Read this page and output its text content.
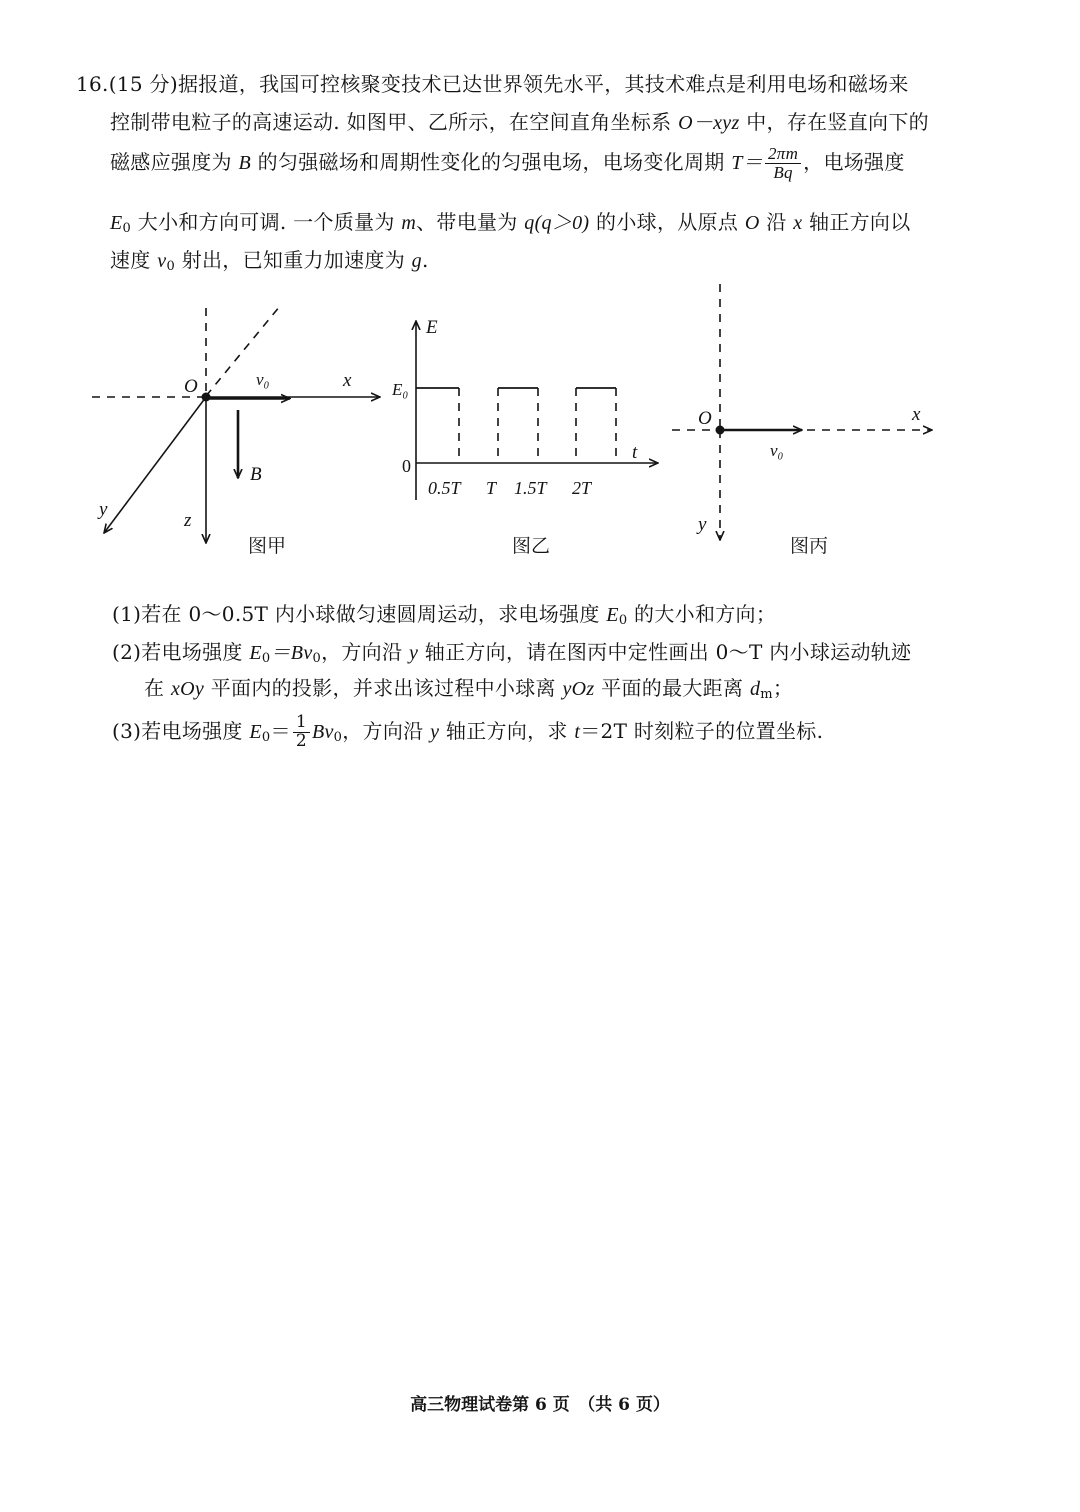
16.(15 分)据报道，我国可控核聚变技术已达世界领先水平，其技术难点是利用电场和磁场来
控制带电粒子的高速运动. 如图甲、乙所示，在空间直角坐标系 O－xyz 中，存在竖直向下的
磁感应强度为 B 的匀强磁场和周期性变化的匀强电场，电场变化周期 $T= \frac{2\pi m}{Bq}$ ，电场强度
$E_0$ 大小和方向可调. 一个质量为 m、带电量为 q(q＞0) 的小球，从原点 O 沿 x 轴正方向以
速度 $v_0$ 射出，已知重力加速度为 g.
O	v₀	x
y
z
B
图甲
E
E₀
0
t
0.5T T 1.5T 2T
图乙
O	x
y
v₀
图丙
(1)若在 0～0.5T 内小球做匀速圆周运动，求电场强度 $E_0$ 的大小和方向；
(2)若电场强度 $E_0=Bv_0$，方向沿 y 轴正方向，请在图丙中定性画出 0～T 内小球运动轨迹
在 xOy 平面内的投影，并求出该过程中小球离 yOz 平面的最大距离 $d_m$；
(3)若电场强度 $E_0= \frac{1}{2} Bv_0$，方向沿 y 轴正方向，求 t＝2T 时刻粒子的位置坐标.
高三物理试卷第 6 页　（共 6 页）
